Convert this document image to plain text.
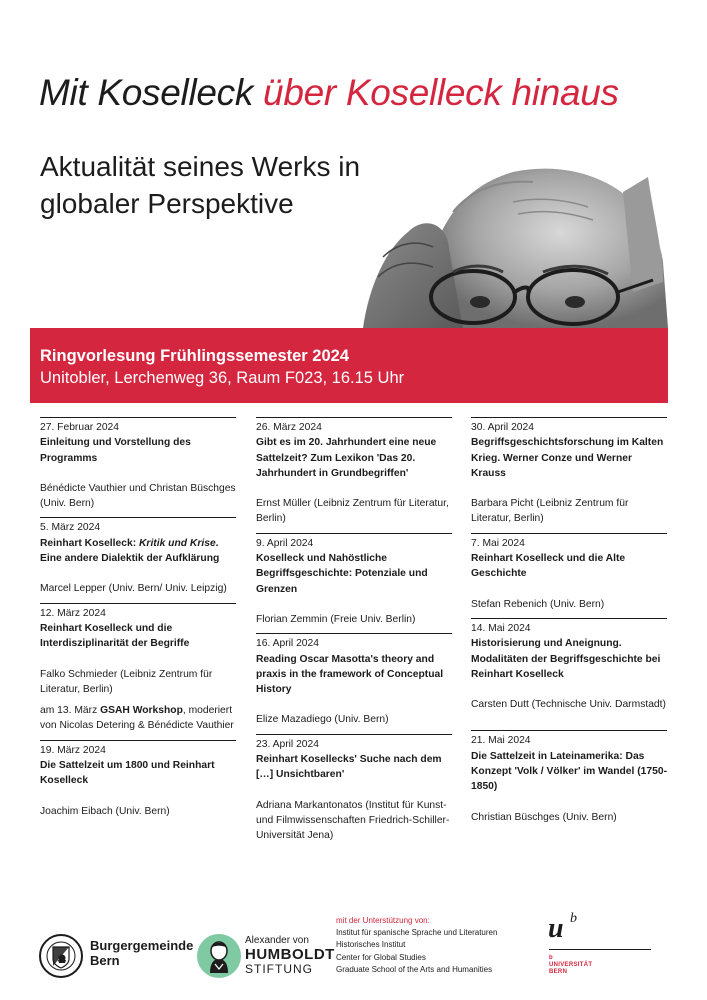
Mit Koselleck über Koselleck hinaus
Aktualität seines Werks in globaler Perspektive
Ringvorlesung Frühlingssemester 2024
Unitobler, Lerchenweg 36, Raum F023, 16.15 Uhr
27. Februar 2024
Einleitung und Vorstellung des Programms
Bénédicte Vauthier und Christan Büschges (Univ. Bern)
5. März 2024
Reinhart Koselleck: Kritik und Krise. Eine andere Dialektik der Aufklärung
Marcel Lepper (Univ. Bern/ Univ. Leipzig)
12. März 2024
Reinhart Koselleck und die Interdisziplinarität der Begriffe
Falko Schmieder (Leibniz Zentrum für Literatur, Berlin)
am 13. März GSAH Workshop, moderiert von Nicolas Detering & Bénédicte Vauthier
19. März 2024
Die Sattelzeit um 1800 und Reinhart Koselleck
Joachim Eibach (Univ. Bern)
26. März 2024
Gibt es im 20. Jahrhundert eine neue Sattelzeit? Zum Lexikon 'Das 20. Jahrhundert in Grundbegriffen'
Ernst Müller (Leibniz Zentrum für Literatur, Berlin)
9. April 2024
Koselleck und Nahöstliche Begriffsgeschichte: Potenziale und Grenzen
Florian Zemmin (Freie Univ. Berlin)
16. April 2024
Reading Oscar Masotta's theory and praxis in the framework of Conceptual History
Elize Mazadiego (Univ. Bern)
23. April 2024
Reinhart Kosellecks' Suche nach dem […] Unsichtbaren'
Adriana Markantonatos (Institut für Kunst- und Filmwissenschaften Friedrich-Schiller-Universität Jena)
30. April 2024
Begriffsgeschichtsforschung im Kalten Krieg. Werner Conze und Werner Krauss
Barbara Picht (Leibniz Zentrum für Literatur, Berlin)
7. Mai 2024
Reinhart Koselleck und die Alte Geschichte
Stefan Rebenich (Univ. Bern)
14. Mai 2024
Historisierung und Aneignung. Modalitäten der Begriffsgeschichte bei Reinhart Koselleck
Carsten Dutt (Technische Univ. Darmstadt)
21. Mai 2024
Die Sattelzeit in Lateinamerika: Das Konzept 'Volk / Völker' im Wandel (1750-1850)
Christian Büschges (Univ. Bern)
Burgergemeinde
Bern
Alexander von
HUMBOLDT
STIFTUNG
mit der Unterstützung von:
Institut für spanische Sprache und Literaturen
Historisches Institut
Center for Global Studies
Graduate School of the Arts and Humanities
u b
b
UNIVERSITÄT
BERN
